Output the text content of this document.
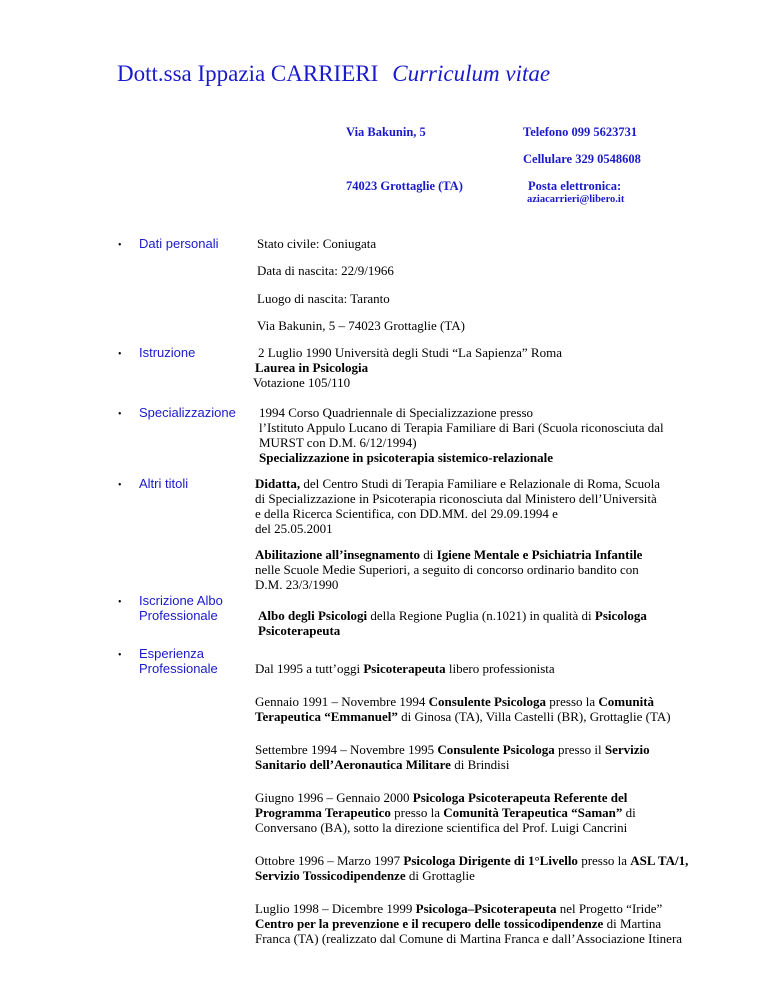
Dott.ssa Ippazia CARRIERI Curriculum vitae
Via Bakunin, 5	Telefono 099 5623731
Cellulare 329 0548608
74023 Grottaglie (TA)	Posta elettronica:
aziacarrieri@libero.it
• Dati personali	Stato civile: Coniugata
Data di nascita: 22/9/1966
Luogo di nascita: Taranto
Via Bakunin, 5 – 74023 Grottaglie (TA)
• Istruzione	2 Luglio 1990 Università degli Studi “La Sapienza” Roma
Laurea in Psicologia
Votazione 105/110
• Specializzazione 1994 Corso Quadriennale di Specializzazione presso
l’Istituto Appulo Lucano di Terapia Familiare di Bari (Scuola riconosciuta dal
MURST con D.M. 6/12/1994)
Specializzazione in psicoterapia sistemico-relazionale
• Altri titoli	Didatta, del Centro Studi di Terapia Familiare e Relazionale di Roma, Scuola
di Specializzazione in Psicoterapia riconosciuta dal Ministero dell’Università
e della Ricerca Scientifica, con DD.MM. del 29.09.1994 e
del 25.05.2001
Abilitazione all’insegnamento di Igiene Mentale e Psichiatria Infantile
nelle Scuole Medie Superiori, a seguito di concorso ordinario bandito con
D.M. 23/3/1990
• Iscrizione Albo
Professionale	Albo degli Psicologi della Regione Puglia (n.1021) in qualità di Psicologa
Psicoterapeuta
• Esperienza
Professionale	Dal 1995 a tutt’oggi Psicoterapeuta libero professionista
Gennaio 1991 – Novembre 1994 Consulente Psicologa presso la Comunità
Terapeutica “Emmanuel” di Ginosa (TA), Villa Castelli (BR), Grottaglie (TA)
Settembre 1994 – Novembre 1995 Consulente Psicologa presso il Servizio
Sanitario dell’Aeronautica Militare di Brindisi
Giugno 1996 – Gennaio 2000 Psicologa Psicoterapeuta Referente del
Programma Terapeutico presso la Comunità Terapeutica “Saman” di
Conversano (BA), sotto la direzione scientifica del Prof. Luigi Cancrini
Ottobre 1996 – Marzo 1997 Psicologa Dirigente di 1°Livello presso la ASL TA/1,
Servizio Tossicodipendenze di Grottaglie
Luglio 1998 – Dicembre 1999 Psicologa–Psicoterapeuta nel Progetto “Iride”
Centro per la prevenzione e il recupero delle tossicodipendenze di Martina
Franca (TA) (realizzato dal Comune di Martina Franca e dall’Associazione Itinera
